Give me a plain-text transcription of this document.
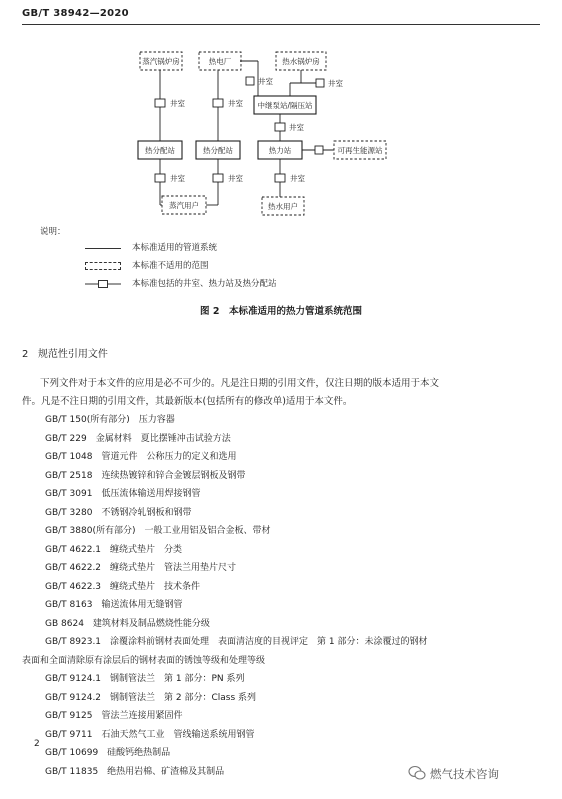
GB/T 38942—2020
蒸汽锅炉房	热电厂	热水锅炉房
中继泵站/隔压站
热分配站	热分配站	热力站	可再生能源站
蒸汽用户	热水用户
井室	井室
井室	井室
井室
井室	井室	井室
说明：
本标准适用的管道系统
本标准不适用的范围
本标准包括的井室、热力站及热分配站
图 2　本标准适用的热力管道系统范围
2 规范性引用文件
下列文件对于本文件的应用是必不可少的。凡是注日期的引用文件，仅注日期的版本适用于本文
件。凡是不注日期的引用文件，其最新版本(包括所有的修改单)适用于本文件。
GB/T 150(所有部分) 压力容器
GB/T 229 金属材料　夏比摆锤冲击试验方法
GB/T 1048 管道元件　公称压力的定义和选用
GB/T 2518 连续热镀锌和锌合金镀层钢板及钢带
GB/T 3091 低压流体输送用焊接钢管
GB/T 3280 不锈钢冷轧钢板和钢带
GB/T 3880(所有部分) 一般工业用铝及铝合金板、带材
GB/T 4622.1 缠绕式垫片　分类
GB/T 4622.2 缠绕式垫片　管法兰用垫片尺寸
GB/T 4622.3 缠绕式垫片　技术条件
GB/T 8163 输送流体用无缝钢管
GB 8624 建筑材料及制品燃烧性能分级
GB/T 8923.1 涂覆涂料前钢材表面处理　表面清洁度的目视评定　第 1 部分：未涂覆过的钢材
表面和全面清除原有涂层后的钢材表面的锈蚀等级和处理等级
GB/T 9124.1 钢制管法兰　第 1 部分：PN 系列
GB/T 9124.2 钢制管法兰　第 2 部分：Class 系列
GB/T 9125 管法兰连接用紧固件
GB/T 9711 石油天然气工业　管线输送系统用钢管
GB/T 10699 硅酸钙绝热制品
GB/T 11835 绝热用岩棉、矿渣棉及其制品
2
燃气技术咨询
